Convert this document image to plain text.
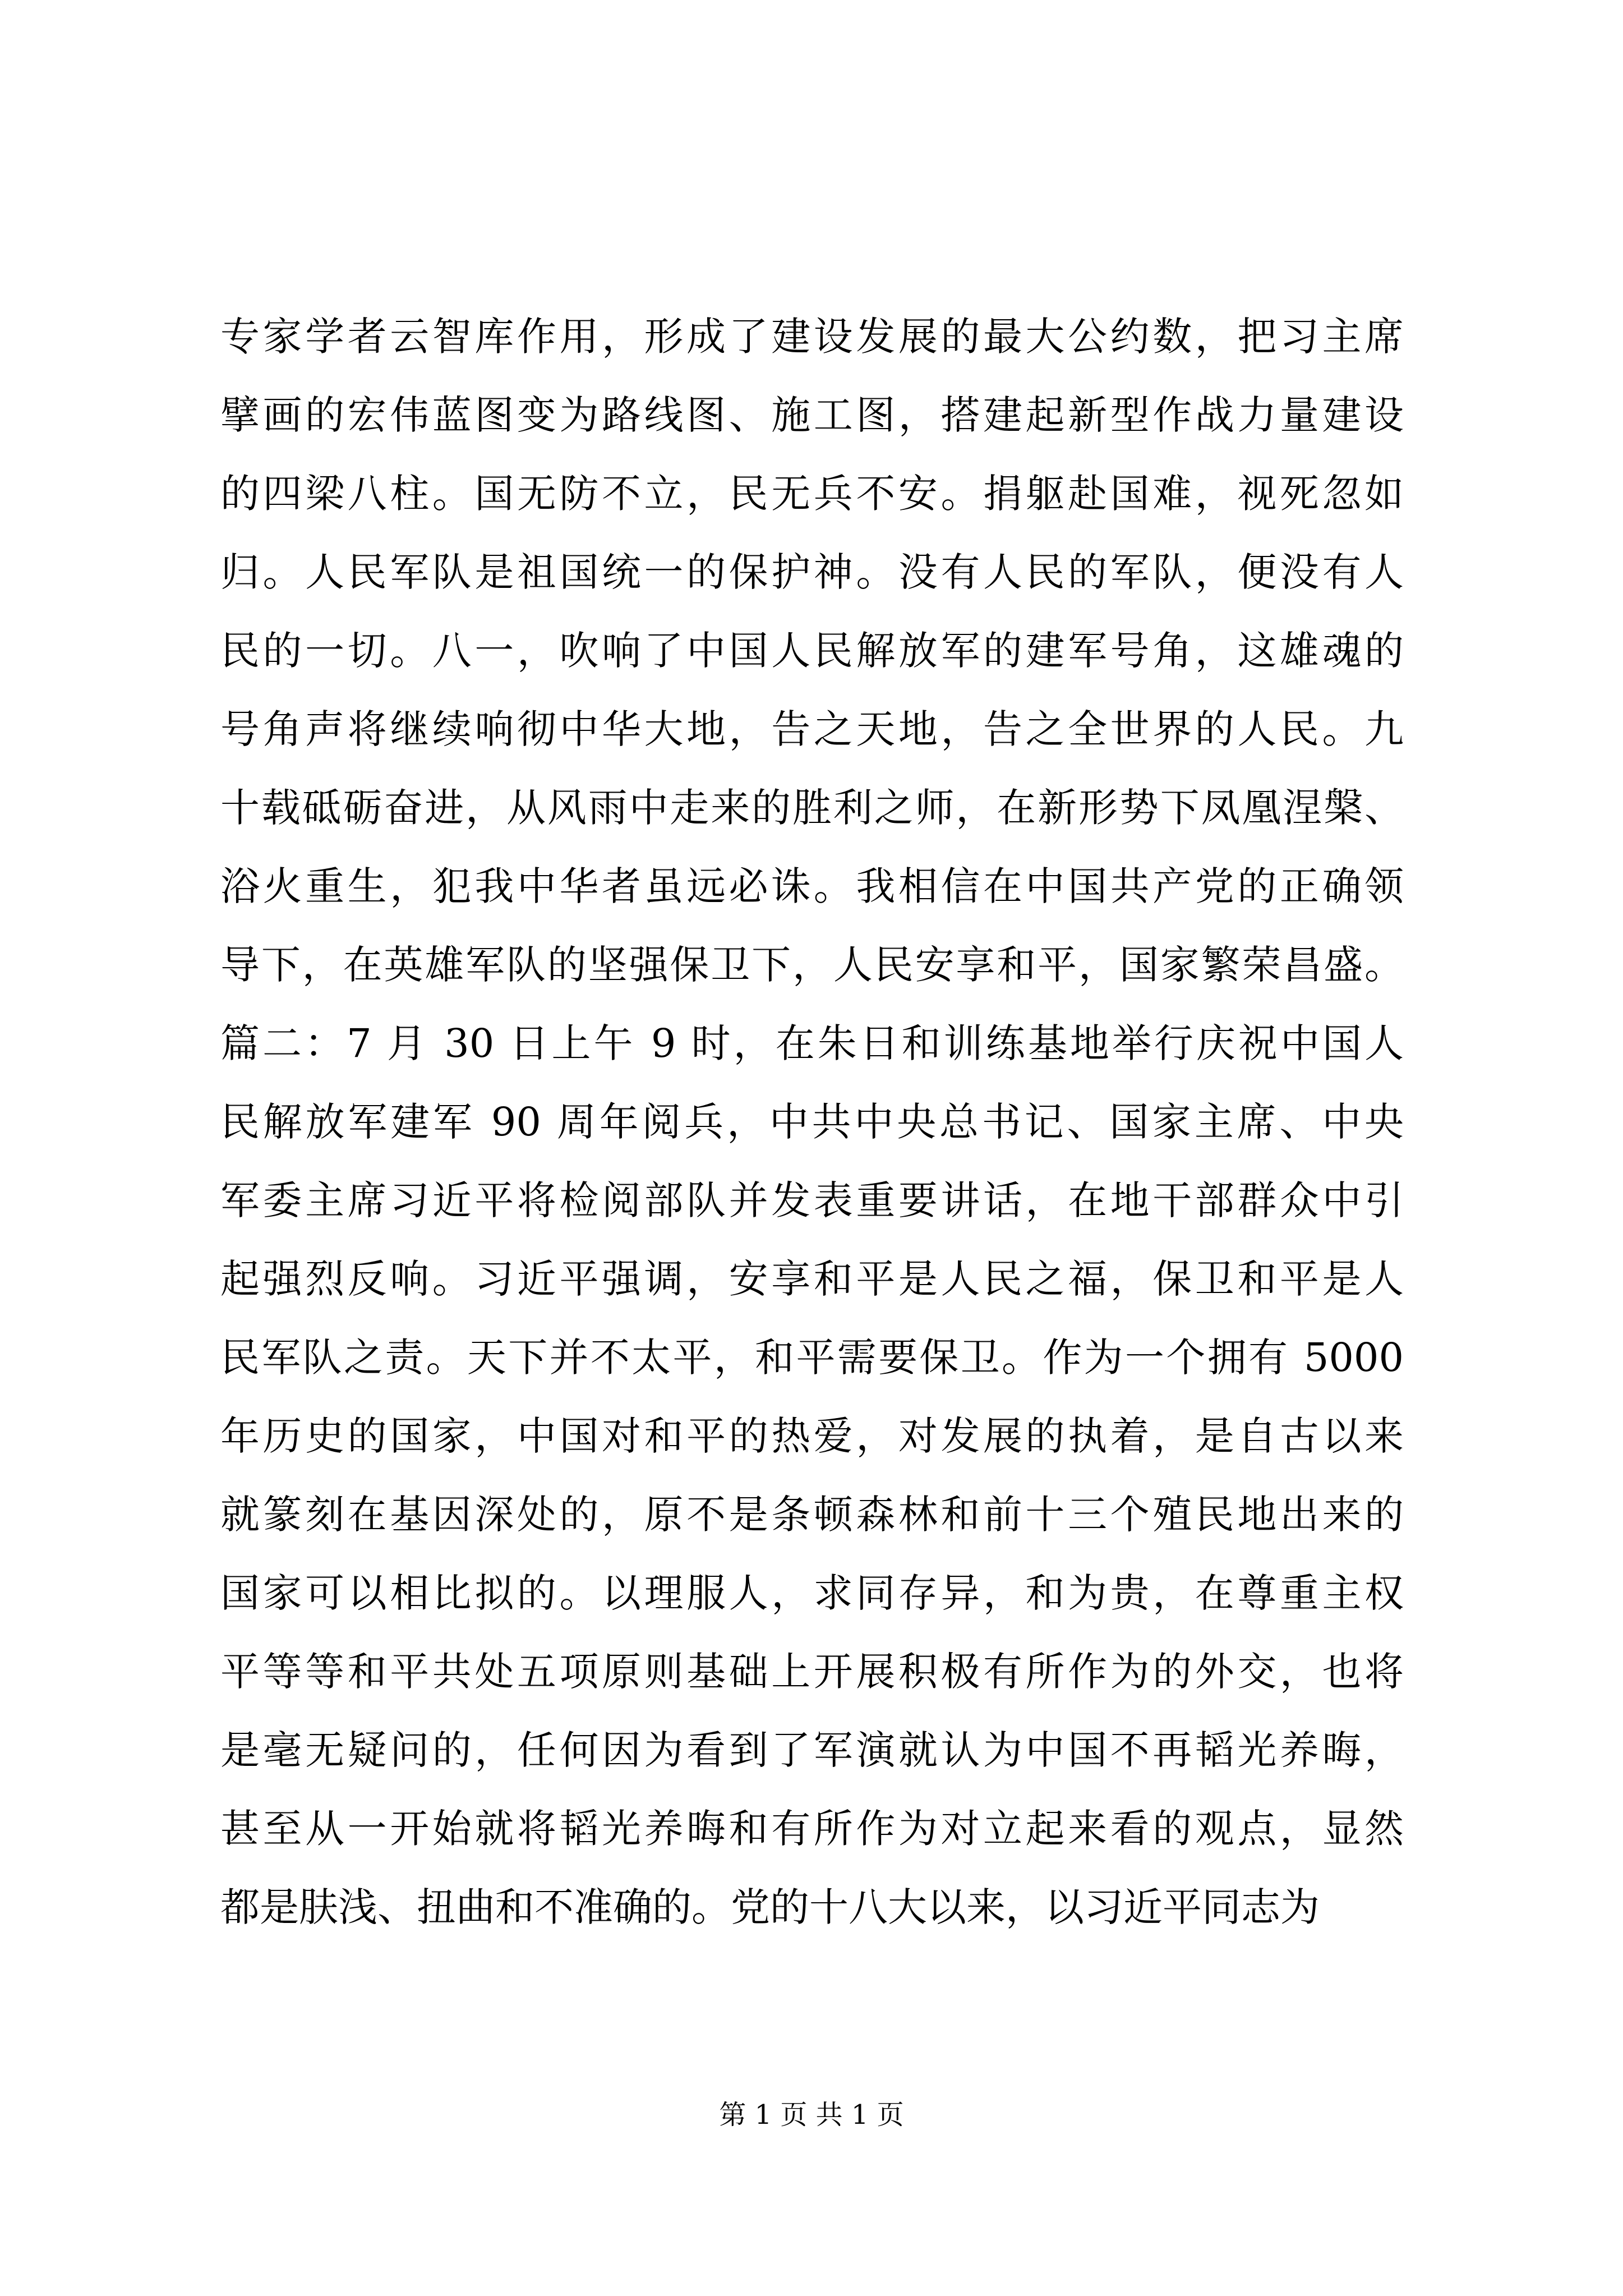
专家学者云智库作用，形成了建设发展的最大公约数，把习主席
擘画的宏伟蓝图变为路线图、施工图，搭建起新型作战力量建设
的四梁八柱。国无防不立，民无兵不安。捐躯赴国难，视死忽如
归。人民军队是祖国统一的保护神。没有人民的军队，便没有人
民的一切。八一，吹响了中国人民解放军的建军号角，这雄魂的
号角声将继续响彻中华大地，告之天地，告之全世界的人民。九
十载砥砺奋进，从风雨中走来的胜利之师，在新形势下凤凰涅槃、
浴火重生，犯我中华者虽远必诛。我相信在中国共产党的正确领
导下，在英雄军队的坚强保卫下，人民安享和平，国家繁荣昌盛。
篇二：7 月 30 日上午 9 时，在朱日和训练基地举行庆祝中国人
民解放军建军 90 周年阅兵，中共中央总书记、国家主席、中央
军委主席习近平将检阅部队并发表重要讲话，在地干部群众中引
起强烈反响。习近平强调，安享和平是人民之福，保卫和平是人
民军队之责。天下并不太平，和平需要保卫。作为一个拥有 5000
年历史的国家，中国对和平的热爱，对发展的执着，是自古以来
就篆刻在基因深处的，原不是条顿森林和前十三个殖民地出来的
国家可以相比拟的。以理服人，求同存异，和为贵，在尊重主权
平等等和平共处五项原则基础上开展积极有所作为的外交，也将
是毫无疑问的，任何因为看到了军演就认为中国不再韬光养晦，
甚至从一开始就将韬光养晦和有所作为对立起来看的观点，显然
都是肤浅、扭曲和不准确的。党的十八大以来，以习近平同志为
第 1 页 共 1 页
